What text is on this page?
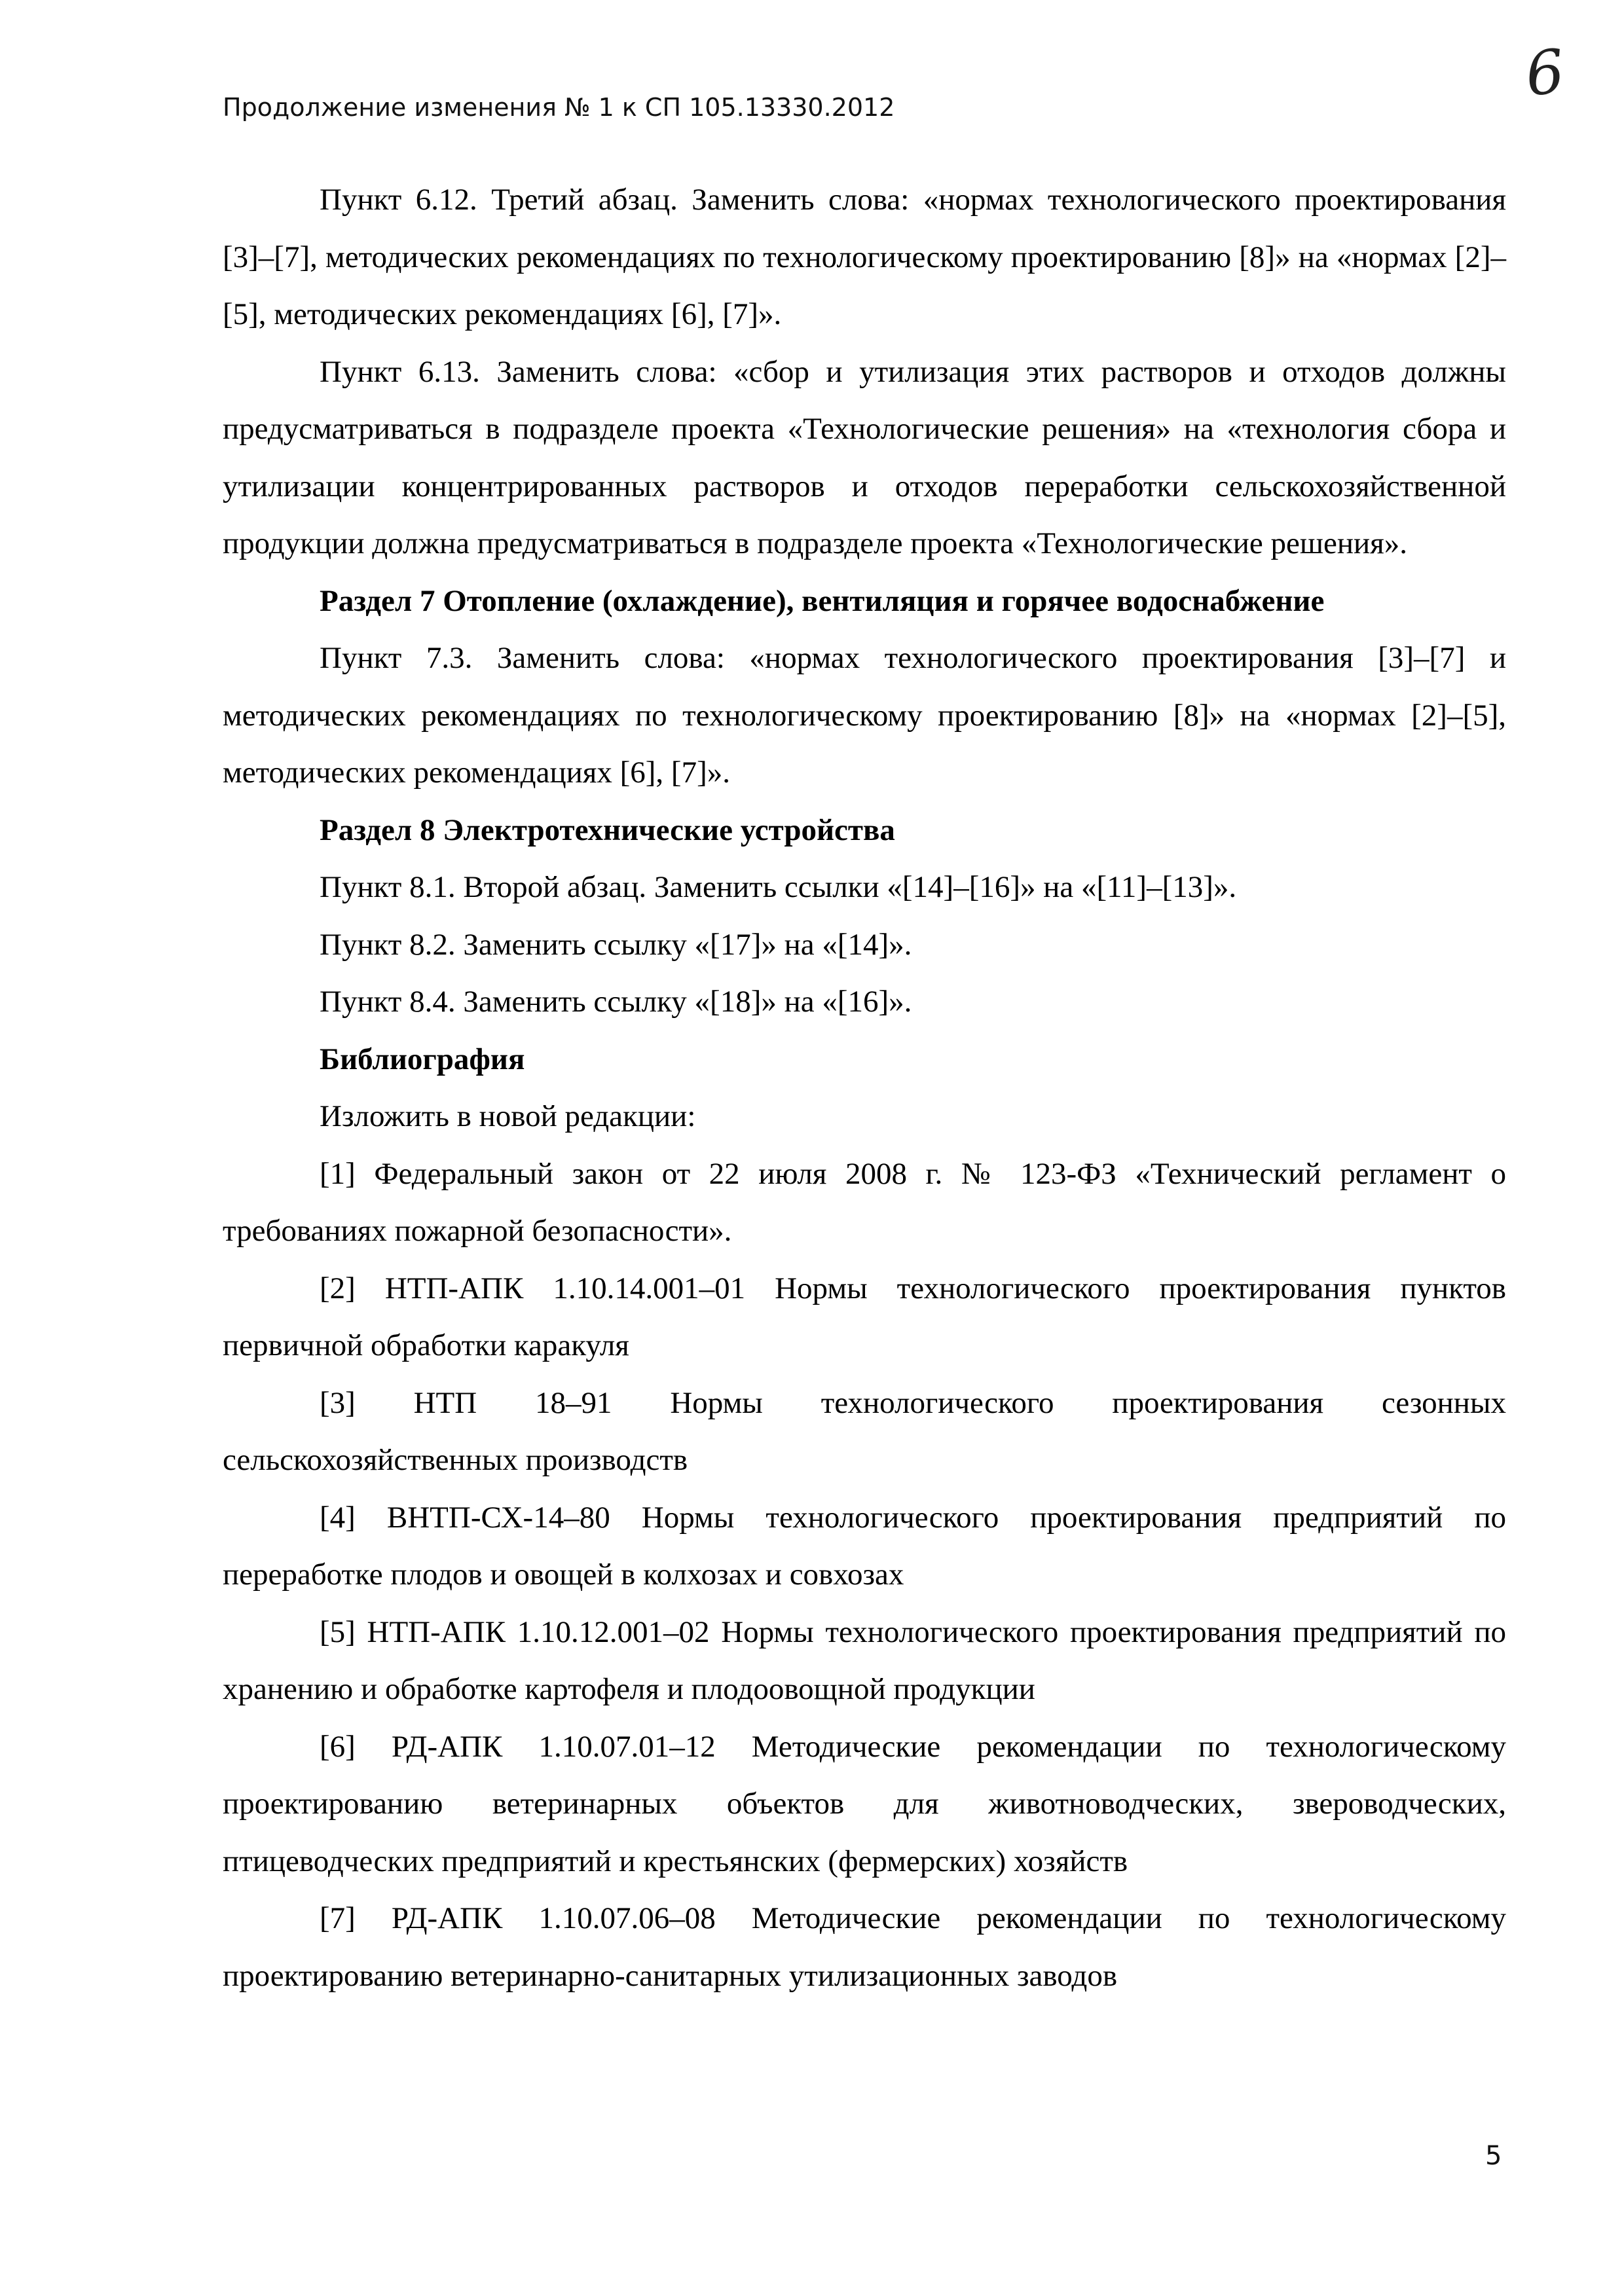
Продолжение изменения № 1 к СП 105.13330.2012	6

Пункт 6.12. Третий абзац. Заменить слова: «нормах технологического проектирования [3]–[7], методических рекомендациях по технологическому проектированию [8]» на «нормах [2]–[5], методических рекомендациях [6], [7]».

Пункт 6.13. Заменить слова: «сбор и утилизация этих растворов и отходов должны предусматриваться в подразделе проекта «Технологические решения» на «технология сбора и утилизации концентрированных растворов и отходов переработки сельскохозяйственной продукции должна предусматриваться в подразделе проекта «Технологические решения».

Раздел 7 Отопление (охлаждение), вентиляция и горячее водоснабжение

Пункт 7.3. Заменить слова: «нормах технологического проектирования [3]–[7] и методических рекомендациях по технологическому проектированию [8]» на «нормах [2]–[5], методических рекомендациях [6], [7]».

Раздел 8 Электротехнические устройства

Пункт 8.1. Второй абзац. Заменить ссылки «[14]–[16]» на «[11]–[13]».

Пункт 8.2. Заменить ссылку «[17]» на «[14]».

Пункт 8.4. Заменить ссылку «[18]» на «[16]».

Библиография

Изложить в новой редакции:

[1] Федеральный закон от 22 июля 2008 г. № 123-ФЗ «Технический регламент о требованиях пожарной безопасности».

[2] НТП-АПК 1.10.14.001–01 Нормы технологического проектирования пунктов первичной обработки каракуля

[3] НТП 18–91 Нормы технологического проектирования сезонных сельскохозяйственных производств

[4] ВНТП-СХ-14–80 Нормы технологического проектирования предприятий по переработке плодов и овощей в колхозах и совхозах

[5] НТП-АПК 1.10.12.001–02 Нормы технологического проектирования предприятий по хранению и обработке картофеля и плодоовощной продукции

[6] РД-АПК 1.10.07.01–12 Методические рекомендации по технологическому проектированию ветеринарных объектов для животноводческих, звероводческих, птицеводческих предприятий и крестьянских (фермерских) хозяйств

[7] РД-АПК 1.10.07.06–08 Методические рекомендации по технологическому проектированию ветеринарно-санитарных утилизационных заводов

5
